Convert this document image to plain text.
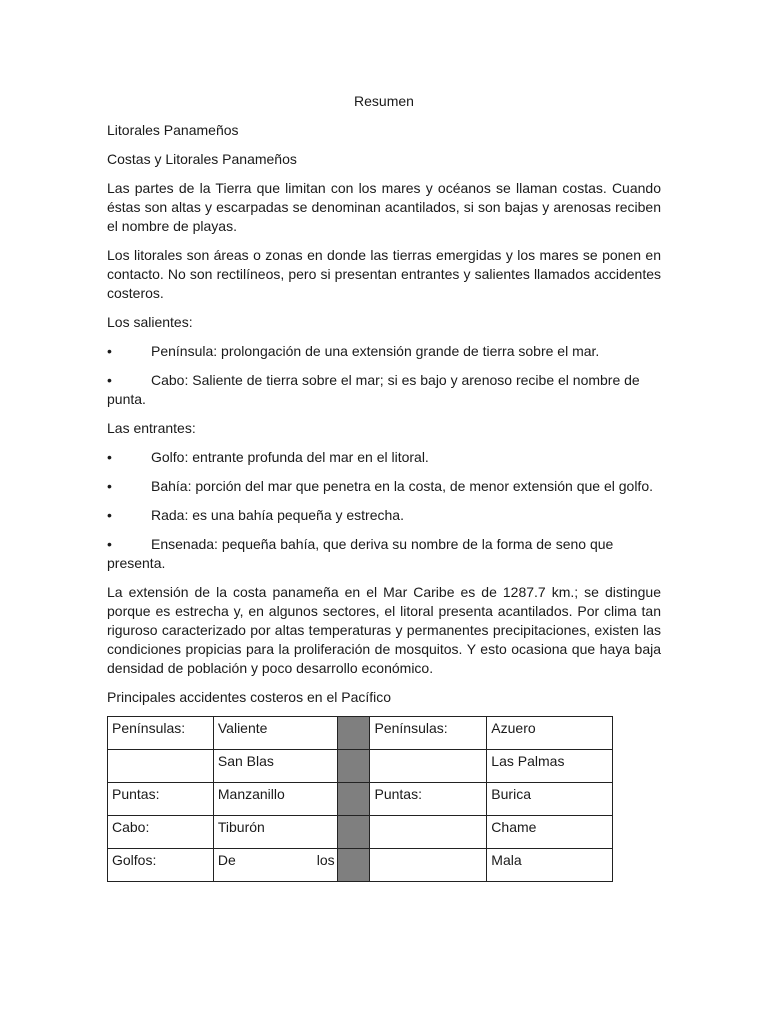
Resumen

Litorales Panameños

Costas y Litorales Panameños

Las partes de la Tierra que limitan con los mares y océanos se llaman costas. Cuando éstas son altas y escarpadas se denominan acantilados, si son bajas y arenosas reciben el nombre de playas.

Los litorales son áreas o zonas en donde las tierras emergidas y los mares se ponen en contacto. No son rectilíneos, pero si presentan entrantes y salientes llamados accidentes costeros.

Los salientes:

•	Península: prolongación de una extensión grande de tierra sobre el mar.

•	Cabo: Saliente de tierra sobre el mar; si es bajo y arenoso recibe el nombre de punta.

Las entrantes:

•	Golfo: entrante profunda del mar en el litoral.

•	Bahía: porción del mar que penetra en la costa, de menor extensión que el golfo.

•	Rada: es una bahía pequeña y estrecha.

•	Ensenada: pequeña bahía, que deriva su nombre de la forma de seno que presenta.

La extensión de la costa panameña en el Mar Caribe es de 1287.7 km.; se distingue porque es estrecha y, en algunos sectores, el litoral presenta acantilados. Por clima tan riguroso caracterizado por altas temperaturas y permanentes precipitaciones, existen las condiciones propicias para la proliferación de mosquitos. Y esto ocasiona que haya baja densidad de población y poco desarrollo económico.

Principales accidentes costeros en el Pacífico

Penínsulas:	Valiente		Penínsulas:	Azuero
	San Blas			Las Palmas
Puntas:	Manzanillo		Puntas:	Burica
Cabo:	Tiburón			Chame
Golfos:	De los			Mala
